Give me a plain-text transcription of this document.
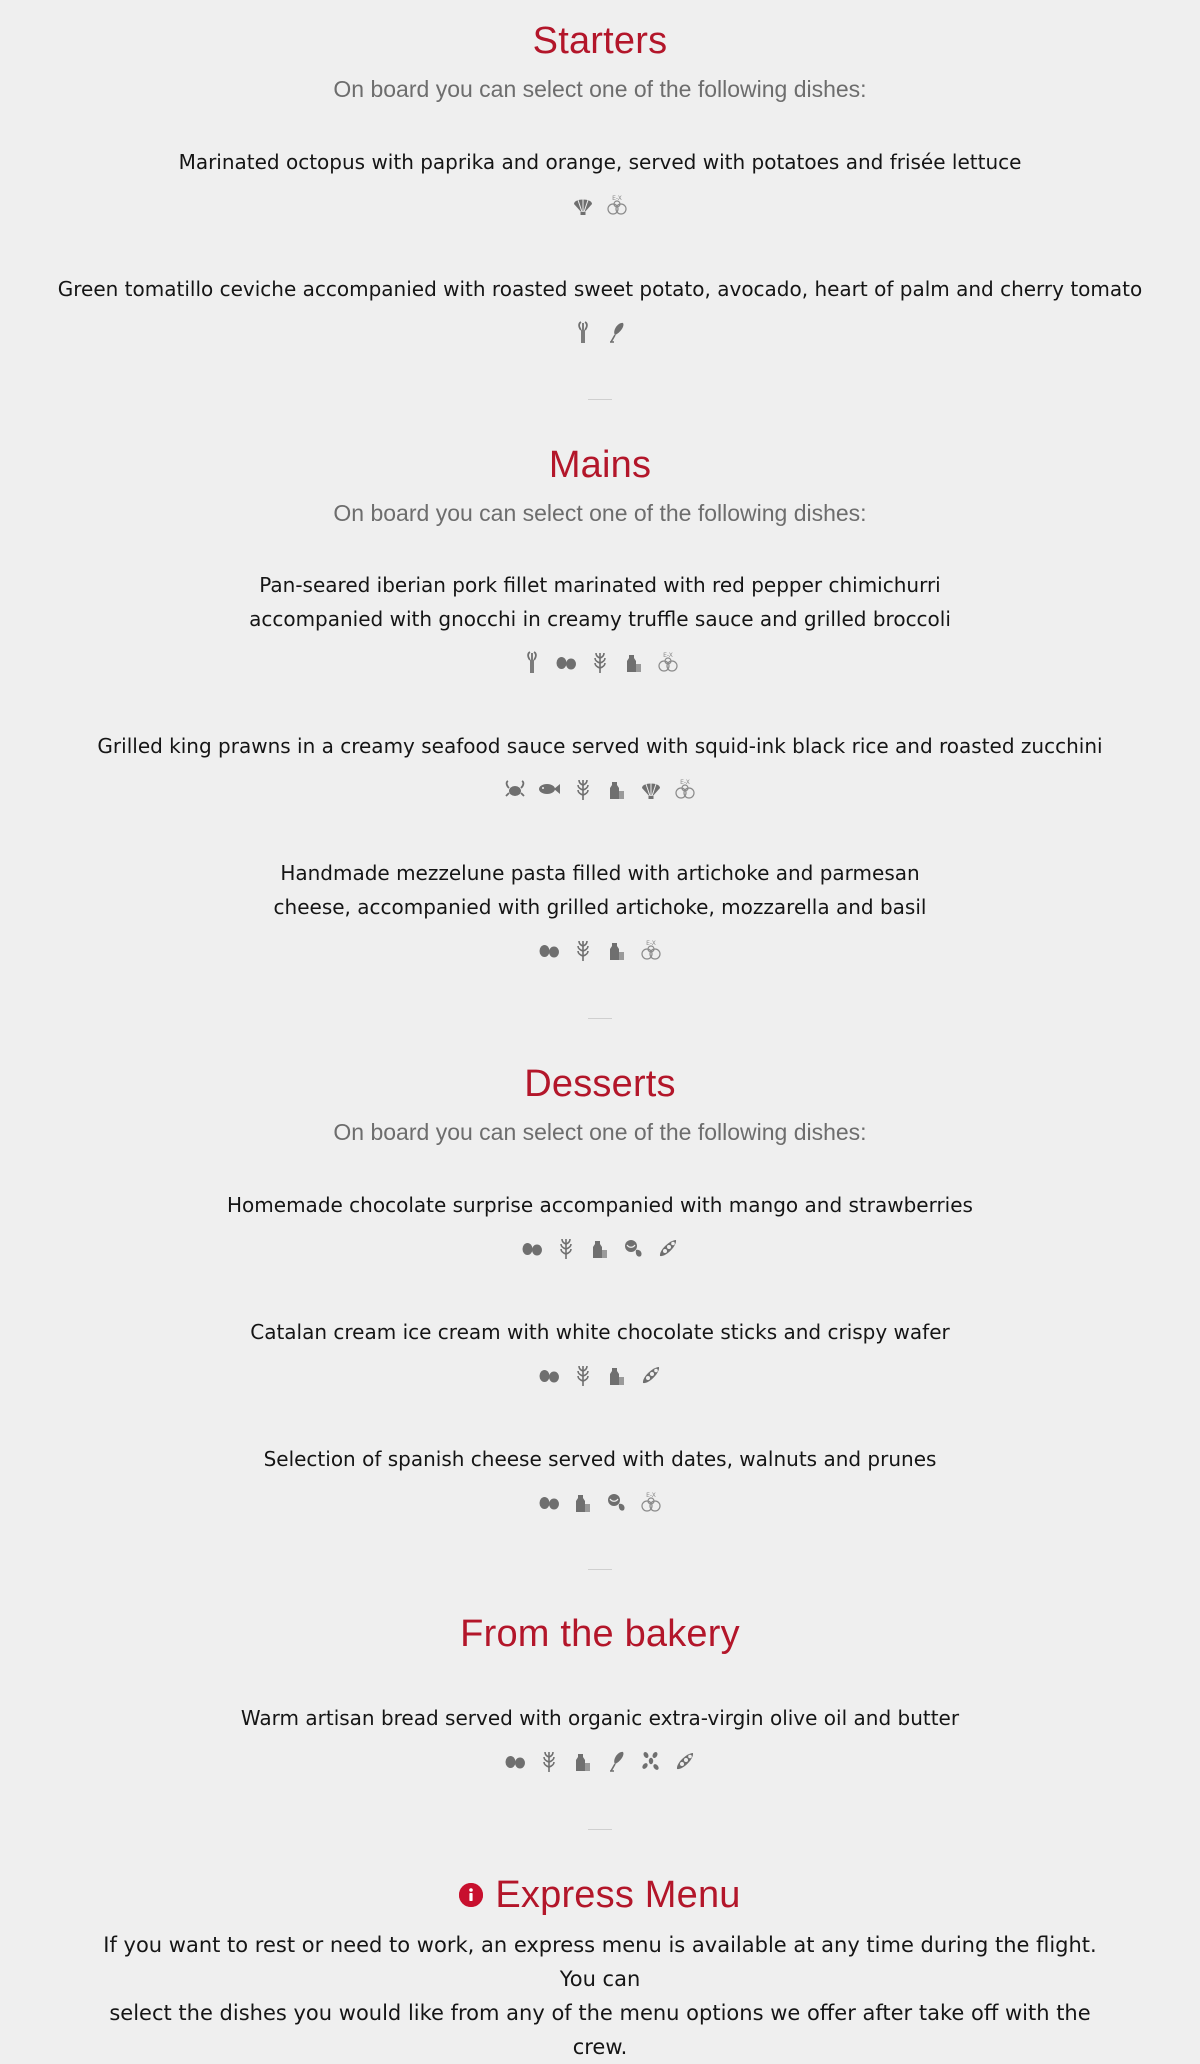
Starters

On board you can select one of the following dishes:

Marinated octopus with paprika and orange, served with potatoes and frisée lettuce

E-X

Green tomatillo ceviche accompanied with roasted sweet potato, avocado, heart of palm and cherry tomato

Mains

On board you can select one of the following dishes:

Pan-seared iberian pork fillet marinated with red pepper chimichurri

accompanied with gnocchi in creamy truffle sauce and grilled broccoli

E-X

Grilled king prawns in a creamy seafood sauce served with squid-ink black rice and roasted zucchini

E-X

Handmade mezzelune pasta filled with artichoke and parmesan

cheese, accompanied with grilled artichoke, mozzarella and basil

E-X
Desserts

On board you can select one of the following dishes:

Homemade chocolate surprise accompanied with mango and strawberries

Catalan cream ice cream with white chocolate sticks and crispy wafer

Selection of spanish cheese served with dates, walnuts and prunes

E-X
From the bakery

Warm artisan bread served with organic extra-virgin olive oil and butter

Express Menu

If you want to rest or need to work, an express menu is available at any time during the flight. You can
select the dishes you would like from any of the menu options we offer after take off with the crew.
